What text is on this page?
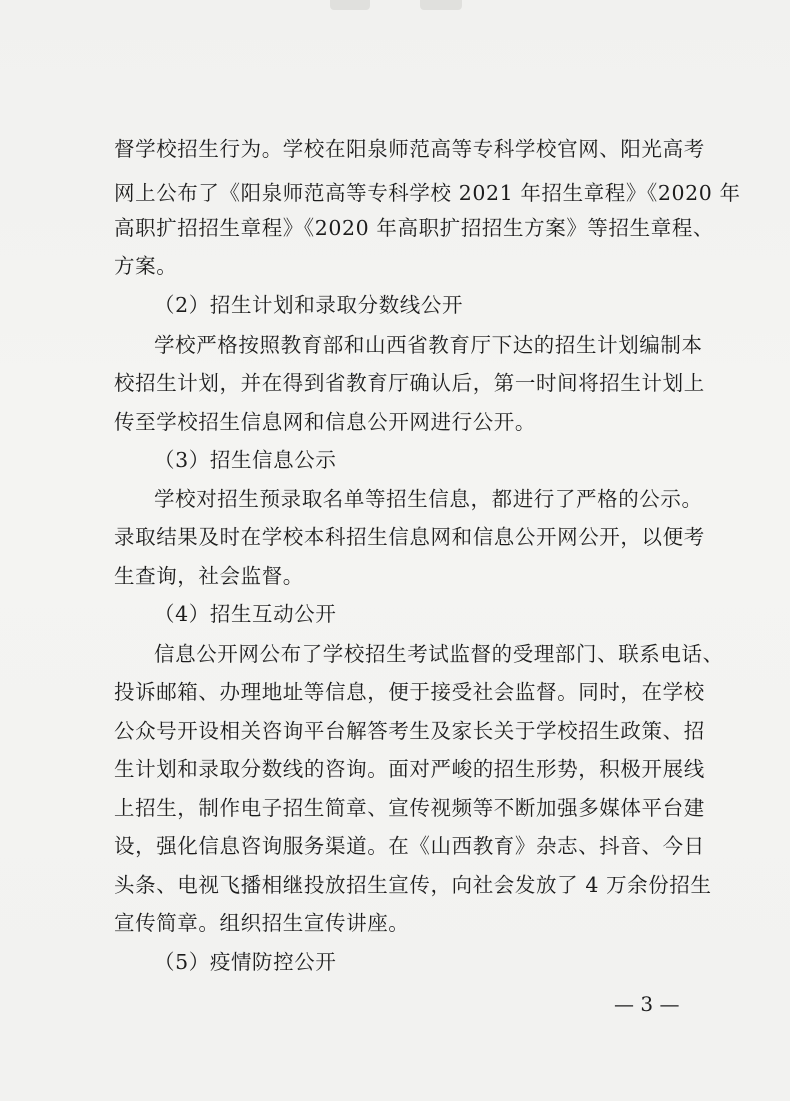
督学校招生行为。学校在阳泉师范高等专科学校官网、阳光高考
网上公布了《阳泉师范高等专科学校 2021 年招生章程》《2020 年
高职扩招招生章程》《2020 年高职扩招招生方案》等招生章程、
方案。
（2）招生计划和录取分数线公开
学校严格按照教育部和山西省教育厅下达的招生计划编制本
校招生计划，并在得到省教育厅确认后，第一时间将招生计划上
传至学校招生信息网和信息公开网进行公开。
（3）招生信息公示
学校对招生预录取名单等招生信息，都进行了严格的公示。
录取结果及时在学校本科招生信息网和信息公开网公开，以便考
生查询，社会监督。
（4）招生互动公开
信息公开网公布了学校招生考试监督的受理部门、联系电话、
投诉邮箱、办理地址等信息，便于接受社会监督。同时，在学校
公众号开设相关咨询平台解答考生及家长关于学校招生政策、招
生计划和录取分数线的咨询。面对严峻的招生形势，积极开展线
上招生，制作电子招生简章、宣传视频等不断加强多媒体平台建
设，强化信息咨询服务渠道。在《山西教育》杂志、抖音、今日
头条、电视飞播相继投放招生宣传，向社会发放了 4 万余份招生
宣传简章。组织招生宣传讲座。
（5）疫情防控公开
— 3 —
